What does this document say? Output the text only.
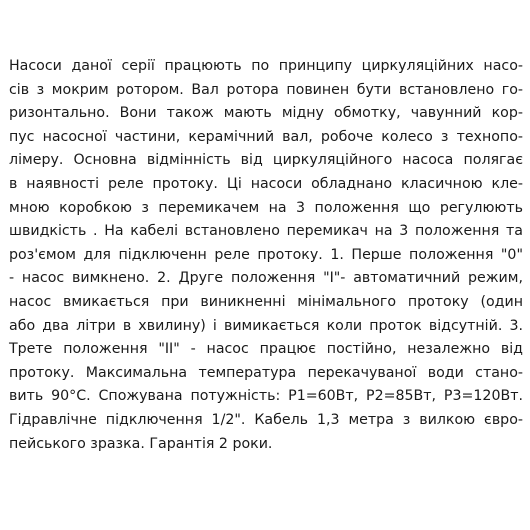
Насоси даної серії працюють по принципу циркуляційних насо-
сів з мокрим ротором. Вал ротора повинен бути встановлено го-
ризонтально. Вони також мають мідну обмотку, чавунний кор-
пус насосної частини, керамічний вал, робоче колесо з технопо-
лімеру. Основна відмінність від циркуляційного насоса полягає
в наявності реле протоку. Ці насоси обладнано класичною кле-
мною коробкою з перемикачем на 3 положення що регулюють
швидкість . На кабелі встановлено перемикач на 3 положення та
роз'ємом для підключенн реле протоку. 1. Перше положення "0"
- насос вимкнено. 2. Друге положення "I"- автоматичний режим,
насос вмикається при виникненні мінімального протоку (один
або два літри в хвилину) і вимикається коли проток відсутній. 3.
Трете положення "II" - насос працює постійно, незалежно від
протоку. Максимальна температура перекачуваної води стано-
вить 90°С. Спожувана потужність: P1=60Вт, P2=85Вт, P3=120Вт.
Гідравлічне підключення 1/2". Кабель 1,3 метра з вилкою євро-
пейського зразка. Гарантія 2 роки.
